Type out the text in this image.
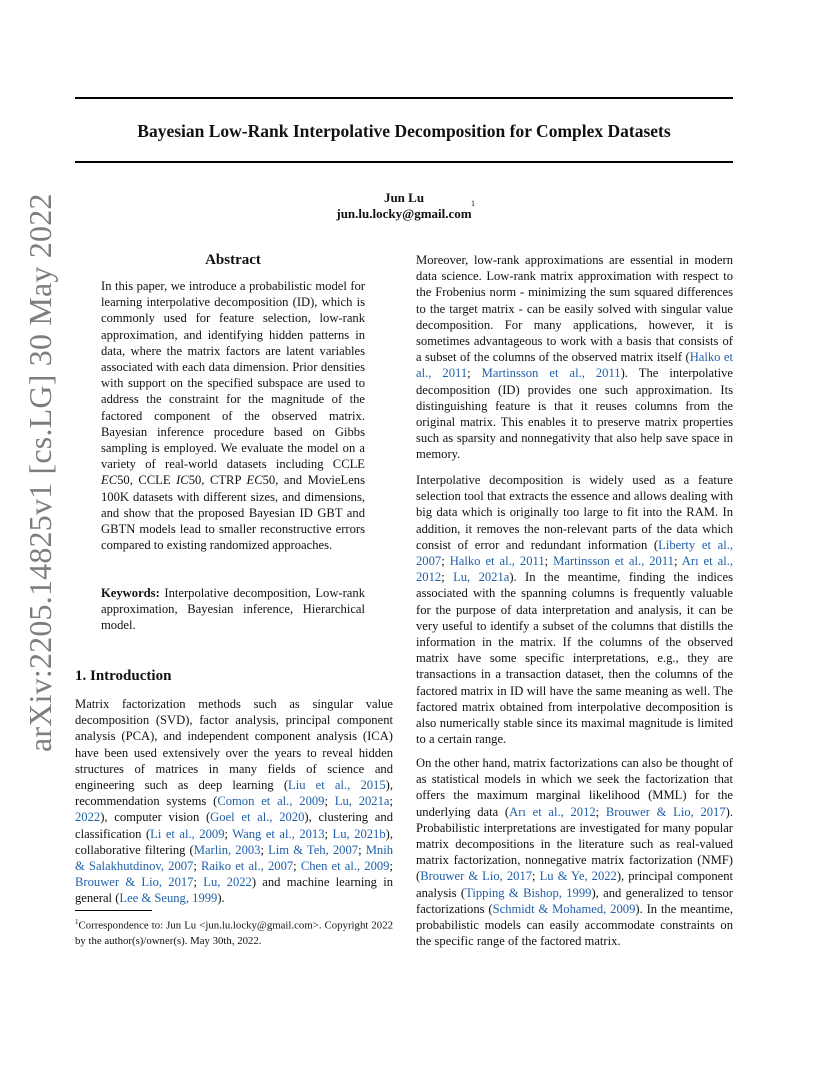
Bayesian Low-Rank Interpolative Decomposition for Complex Datasets
Jun Lu	1
jun.lu.locky@gmail.com
arXiv:2205.14825v1 [cs.LG] 30 May 2022	Abstract

In this paper, we introduce a probabilistic model for learning interpolative decomposition (ID), which is commonly used for feature selection, low-rank approximation, and identifying hidden patterns in data, where the matrix factors are latent variables associated with each data dimension. Prior densities with support on the specified subspace are used to address the constraint for the magnitude of the factored component of the observed matrix. Bayesian inference procedure based on Gibbs sampling is employed. We evaluate the model on a variety of real-world datasets including CCLE EC50, CCLE IC50, CTRP EC50, and MovieLens 100K datasets with different sizes, and dimensions, and show that the proposed Bayesian ID GBT and GBTN models lead to smaller reconstructive errors compared to existing randomized approaches.

Keywords: Interpolative decomposition, Low-rank approximation, Bayesian inference, Hierarchical model.

1. Introduction

Matrix factorization methods such as singular value decomposition (SVD), factor analysis, principal component analysis (PCA), and independent component analysis (ICA) have been used extensively over the years to reveal hidden structures of matrices in many fields of science and engineering such as deep learning (Liu et al., 2015), recommendation systems (Comon et al., 2009; Lu, 2021a; 2022), computer vision (Goel et al., 2020), clustering and classification (Li et al., 2009; Wang et al., 2013; Lu, 2021b), collaborative filtering (Marlin, 2003; Lim & Teh, 2007; Mnih & Salakhutdinov, 2007; Raiko et al., 2007; Chen et al., 2009; Brouwer & Lio, 2017; Lu, 2022) and machine learning in general (Lee & Seung, 1999).

$^1$Correspondence to: Jun Lu <jun.lu.locky@gmail.com>. Copyright 2022 by the author(s)/owner(s). May 30th, 2022.

Moreover, low-rank approximations are essential in modern data science. Low-rank matrix approximation with respect to the Frobenius norm - minimizing the sum squared differences to the target matrix - can be easily solved with singular value decomposition. For many applications, however, it is sometimes advantageous to work with a basis that consists of a subset of the columns of the observed matrix itself (Halko et al., 2011; Martinsson et al., 2011). The interpolative decomposition (ID) provides one such approximation. Its distinguishing feature is that it reuses columns from the original matrix. This enables it to preserve matrix properties such as sparsity and nonnegativity that also help save space in memory.

Interpolative decomposition is widely used as a feature selection tool that extracts the essence and allows dealing with big data which is originally too large to fit into the RAM. In addition, it removes the non-relevant parts of the data which consist of error and redundant information (Liberty et al., 2007; Halko et al., 2011; Martinsson et al., 2011; Arı et al., 2012; Lu, 2021a). In the meantime, finding the indices associated with the spanning columns is frequently valuable for the purpose of data interpretation and analysis, it can be very useful to identify a subset of the columns that distills the information in the matrix. If the columns of the observed matrix have some specific interpretations, e.g., they are transactions in a transaction dataset, then the columns of the factored matrix in ID will have the same meaning as well. The factored matrix obtained from interpolative decomposition is also numerically stable since its maximal magnitude is limited to a certain range.

On the other hand, matrix factorizations can also be thought of as statistical models in which we seek the factorization that offers the maximum marginal likelihood (MML) for the underlying data (Arı et al., 2012; Brouwer & Lio, 2017). Probabilistic interpretations are investigated for many popular matrix decompositions in the literature such as real-valued matrix factorization, nonnegative matrix factorization (NMF) (Brouwer & Lio, 2017; Lu & Ye, 2022), principal component analysis (Tipping & Bishop, 1999), and generalized to tensor factorizations (Schmidt & Mohamed, 2009). In the meantime, probabilistic models can easily accommodate constraints on the specific range of the factored matrix.
